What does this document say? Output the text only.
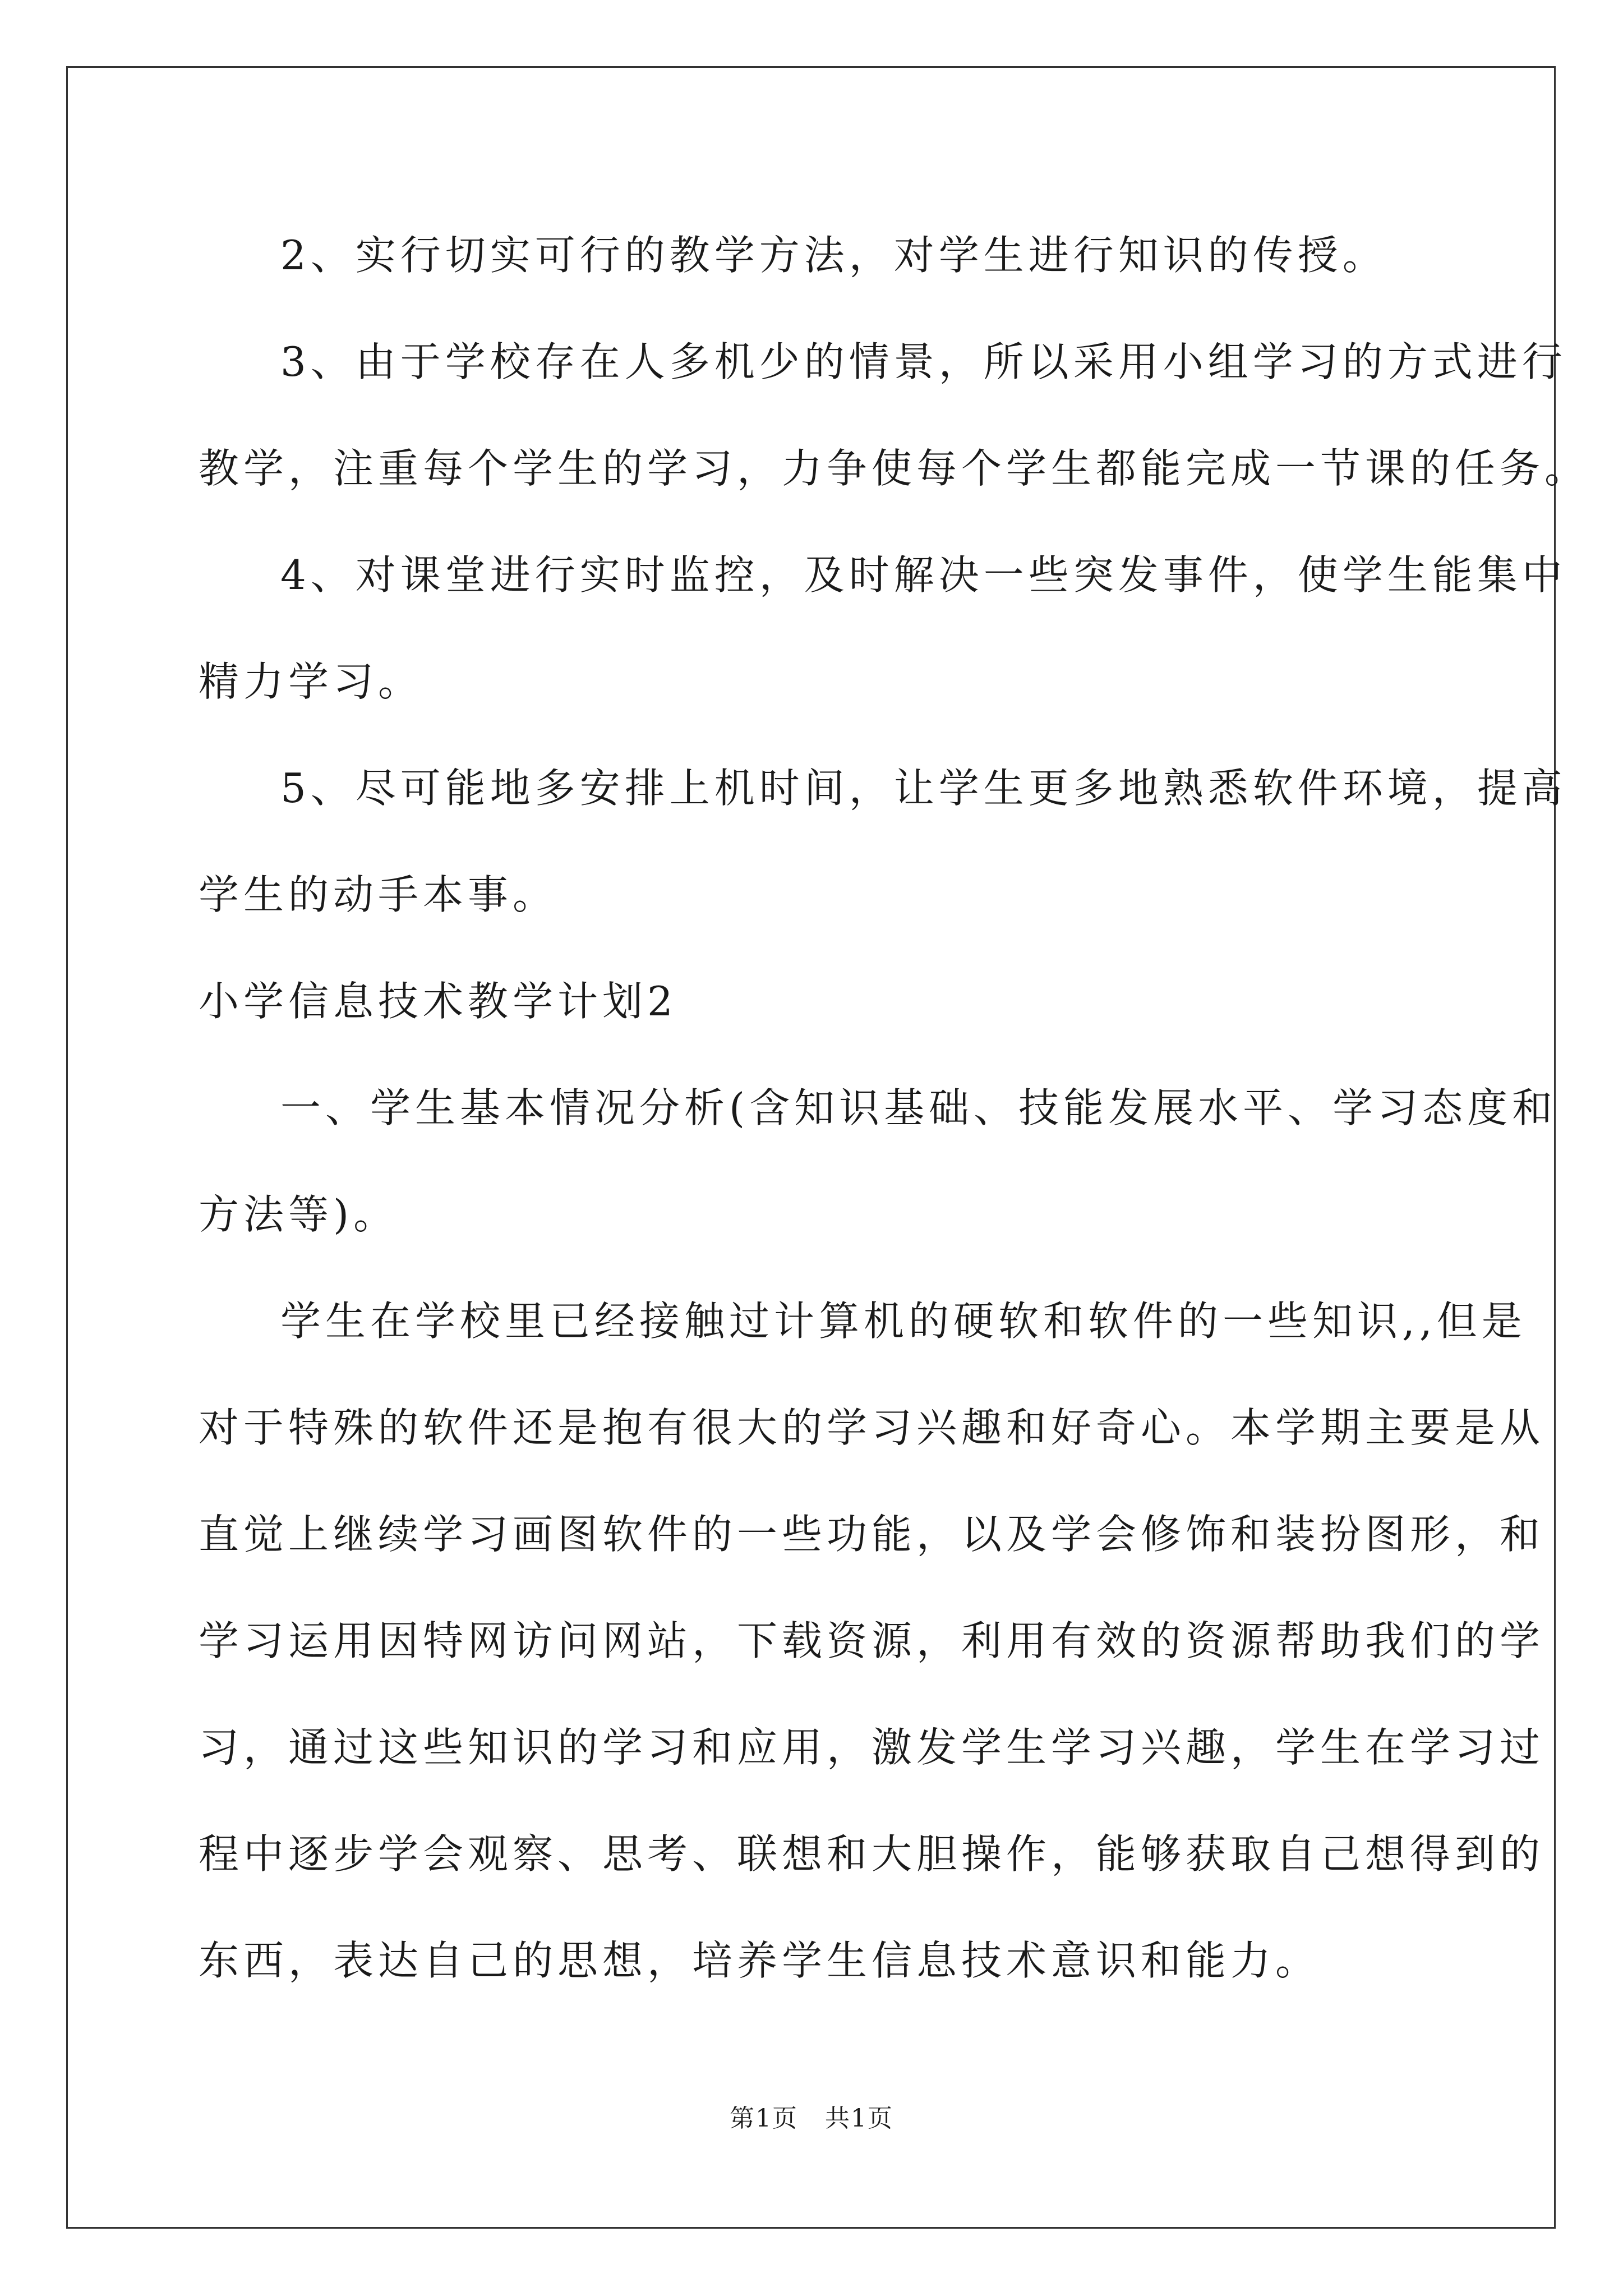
2、实行切实可行的教学方法，对学生进行知识的传授。

3、由于学校存在人多机少的情景，所以采用小组学习的方式进行
教学，注重每个学生的学习，力争使每个学生都能完成一节课的任务。

4、对课堂进行实时监控，及时解决一些突发事件，使学生能集中
精力学习。

5、尽可能地多安排上机时间，让学生更多地熟悉软件环境，提高
学生的动手本事。

小学信息技术教学计划2

一、学生基本情况分析(含知识基础、技能发展水平、学习态度和
方法等)。

学生在学校里已经接触过计算机的硬软和软件的一些知识,,但是
对于特殊的软件还是抱有很大的学习兴趣和好奇心。本学期主要是从
直觉上继续学习画图软件的一些功能，以及学会修饰和装扮图形，和
学习运用因特网访问网站，下载资源，利用有效的资源帮助我们的学
习，通过这些知识的学习和应用，激发学生学习兴趣，学生在学习过
程中逐步学会观察、思考、联想和大胆操作，能够获取自己想得到的
东西，表达自己的思想，培养学生信息技术意识和能力。

第1页 共1页
